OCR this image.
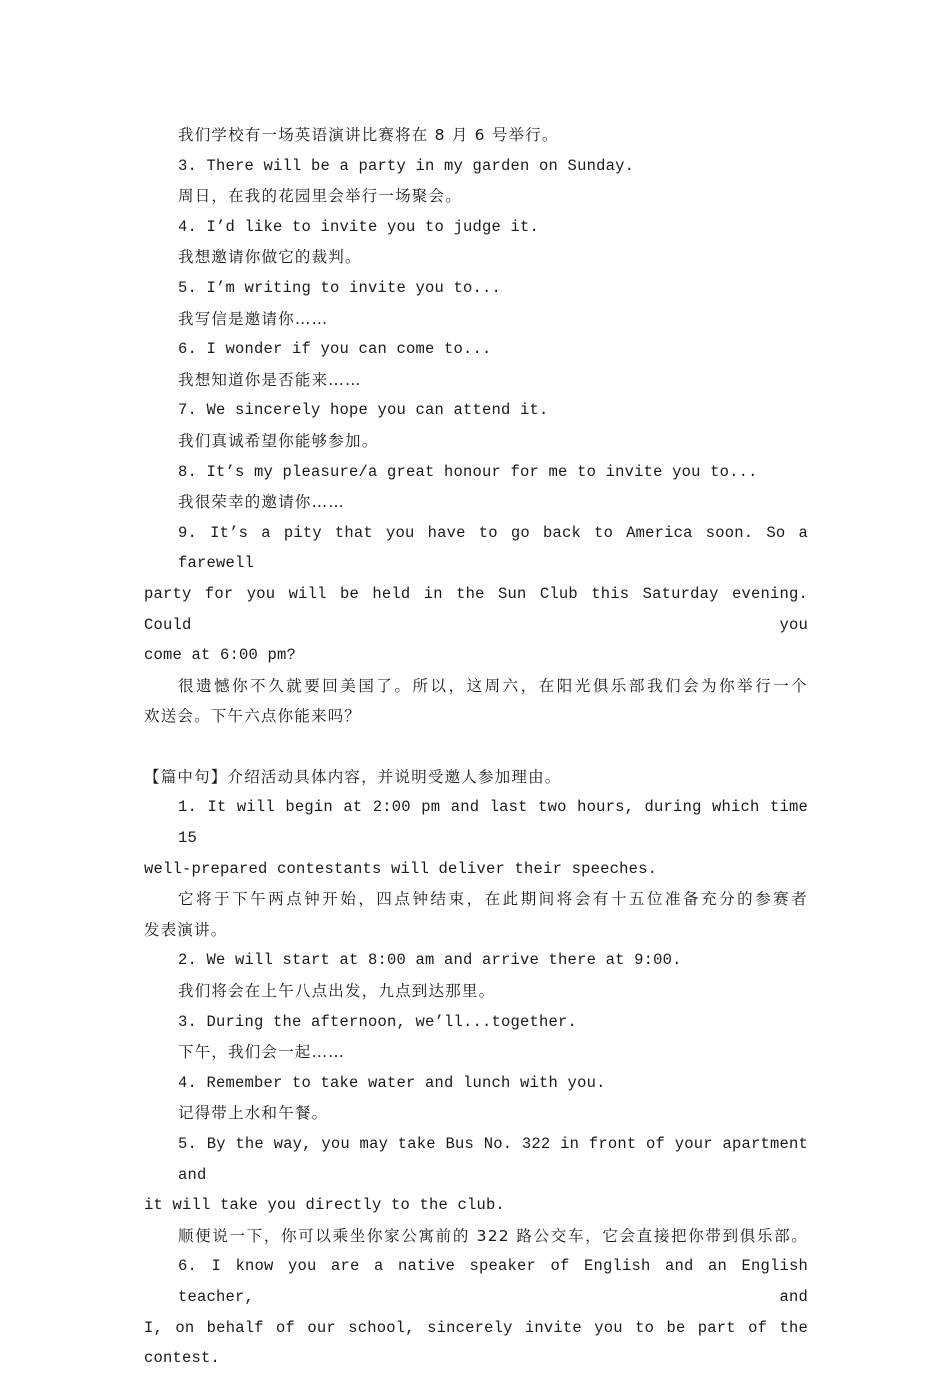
我们学校有一场英语演讲比赛将在 8 月 6 号举行。

3. There will be a party in my garden on Sunday.

周日，在我的花园里会举行一场聚会。

4. I’d like to invite you to judge it.

我想邀请你做它的裁判。

5. I’m writing to invite you to...

我写信是邀请你……

6. I wonder if you can come to...

我想知道你是否能来……

7. We sincerely hope you can attend it.

我们真诚希望你能够参加。

8. It’s my pleasure/a great honour for me to invite you to...

我很荣幸的邀请你……

9. It’s a pity that you have to go back to America soon. So a farewell

party for you will be held in the Sun Club this Saturday evening. Could you

come at 6:00 pm?

很遗憾你不久就要回美国了。所以，这周六，在阳光俱乐部我们会为你举行一个

欢送会。下午六点你能来吗？

【篇中句】介绍活动具体内容，并说明受邀人参加理由。

1. It will begin at 2:00 pm and last two hours, during which time 15

well-prepared contestants will deliver their speeches.

它将于下午两点钟开始，四点钟结束，在此期间将会有十五位准备充分的参赛者

发表演讲。

2. We will start at 8:00 am and arrive there at 9:00.

我们将会在上午八点出发，九点到达那里。

3. During the afternoon, we’ll...together.

下午，我们会一起……

4. Remember to take water and lunch with you.

记得带上水和午餐。

5. By the way, you may take Bus No. 322 in front of your apartment and

it will take you directly to the club.

顺便说一下，你可以乘坐你家公寓前的 322 路公交车，它会直接把你带到俱乐部。

6. I know you are a native speaker of English and an English teacher, and

I, on behalf of our school, sincerely invite you to be part of the contest.
